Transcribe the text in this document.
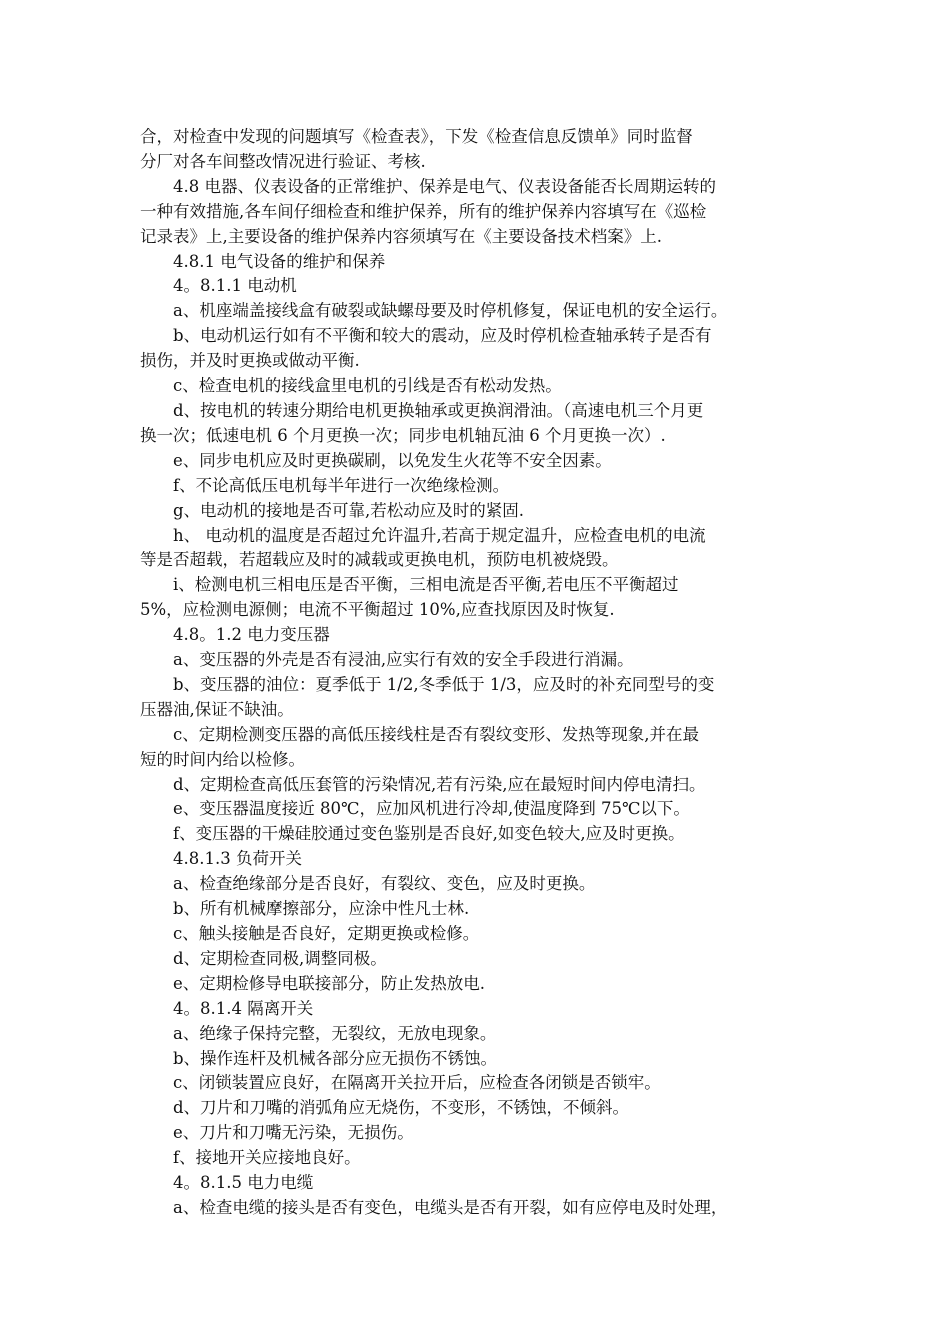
合，对检查中发现的问题填写《检查表》，下发《检查信息反馈单》同时监督

分厂对各车间整改情况进行验证、考核.

4.8 电器、仪表设备的正常维护、保养是电气、仪表设备能否长周期运转的

一种有效措施,各车间仔细检查和维护保养，所有的维护保养内容填写在《巡检

记录表》上,主要设备的维护保养内容须填写在《主要设备技术档案》上.

4.8.1 电气设备的维护和保养

4。8.1.1 电动机

a、机座端盖接线盒有破裂或缺螺母要及时停机修复，保证电机的安全运行。

b、电动机运行如有不平衡和较大的震动，应及时停机检查轴承转子是否有

损伤，并及时更换或做动平衡.

c、检查电机的接线盒里电机的引线是否有松动发热。

d、按电机的转速分期给电机更换轴承或更换润滑油。（高速电机三个月更

换一次；低速电机 6 个月更换一次；同步电机轴瓦油 6 个月更换一次）.

e、同步电机应及时更换碳刷，以免发生火花等不安全因素。

f、不论高低压电机每半年进行一次绝缘检测。

g、电动机的接地是否可靠,若松动应及时的紧固.

h、 电动机的温度是否超过允许温升,若高于规定温升，应检查电机的电流

等是否超载，若超载应及时的减载或更换电机，预防电机被烧毁。

i、检测电机三相电压是否平衡，三相电流是否平衡,若电压不平衡超过

5%，应检测电源侧；电流不平衡超过 10%,应查找原因及时恢复.

4.8。1.2 电力变压器

a、变压器的外壳是否有浸油,应实行有效的安全手段进行消漏。

b、变压器的油位：夏季低于 1/2,冬季低于 1/3，应及时的补充同型号的变

压器油,保证不缺油。

c、定期检测变压器的高低压接线柱是否有裂纹变形、发热等现象,并在最

短的时间内给以检修。

d、定期检查高低压套管的污染情况,若有污染,应在最短时间内停电清扫。

e、变压器温度接近 80℃，应加风机进行冷却,使温度降到 75℃以下。

f、变压器的干燥硅胶通过变色鉴别是否良好,如变色较大,应及时更换。

4.8.1.3 负荷开关

a、检查绝缘部分是否良好，有裂纹、变色，应及时更换。

b、所有机械摩擦部分，应涂中性凡士林.

c、触头接触是否良好，定期更换或检修。

d、定期检查同极,调整同极。

e、定期检修导电联接部分，防止发热放电.

4。8.1.4 隔离开关

a、绝缘子保持完整，无裂纹，无放电现象。

b、操作连杆及机械各部分应无损伤不锈蚀。

c、闭锁装置应良好，在隔离开关拉开后，应检查各闭锁是否锁牢。

d、刀片和刀嘴的消弧角应无烧伤，不变形，不锈蚀，不倾斜。

e、刀片和刀嘴无污染，无损伤。

f、接地开关应接地良好。

4。8.1.5 电力电缆

a、检查电缆的接头是否有变色，电缆头是否有开裂，如有应停电及时处理，
